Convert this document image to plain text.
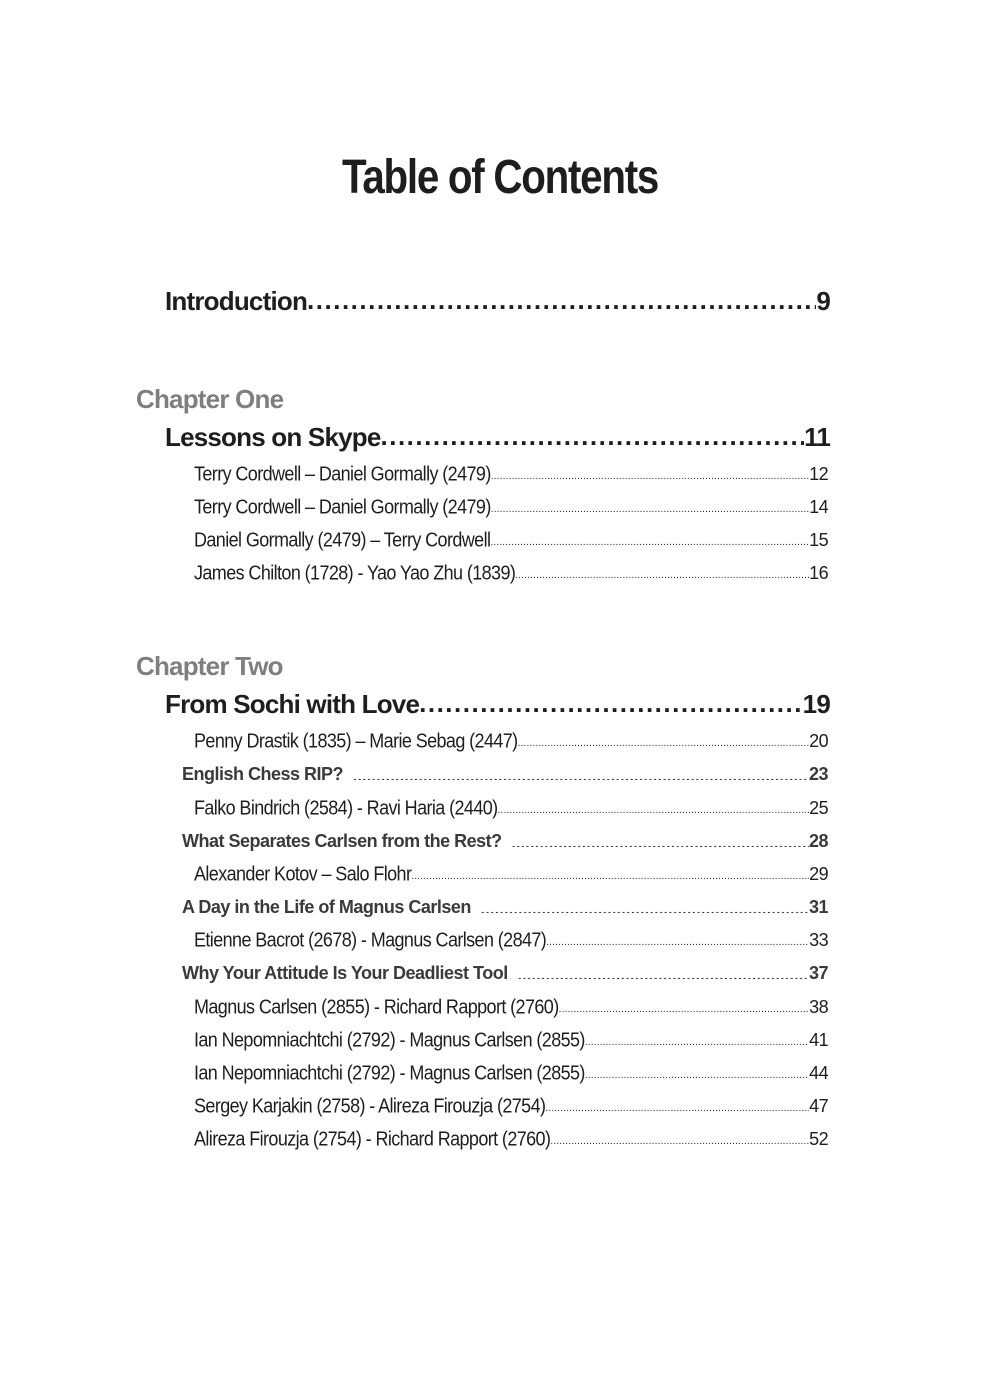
Table of Contents
Introduction .....	9
Chapter One
Lessons on Skype .....	11
Terry Cordwell – Daniel Gormally (2479) .....	12
Terry Cordwell – Daniel Gormally (2479) .....	14
Daniel Gormally (2479) – Terry Cordwell .....	15
James Chilton (1728) - Yao Yao Zhu (1839) .....	16
Chapter Two
From Sochi with Love .....	19
Penny Drastik (1835) – Marie Sebag (2447) .....	20
English Chess RIP? .....	23
Falko Bindrich (2584) - Ravi Haria (2440) .....	25
What Separates Carlsen from the Rest? .....	28
Alexander Kotov – Salo Flohr .....	29
A Day in the Life of Magnus Carlsen .....	31
Etienne Bacrot (2678) - Magnus Carlsen (2847) .....	33
Why Your Attitude Is Your Deadliest Tool .....	37
Magnus Carlsen (2855) - Richard Rapport (2760) .....	38
Ian Nepomniachtchi (2792) - Magnus Carlsen (2855) .....	41
Ian Nepomniachtchi (2792) - Magnus Carlsen (2855) .....	44
Sergey Karjakin (2758) - Alireza Firouzja (2754) .....	47
Alireza Firouzja (2754) - Richard Rapport (2760) .....	52
